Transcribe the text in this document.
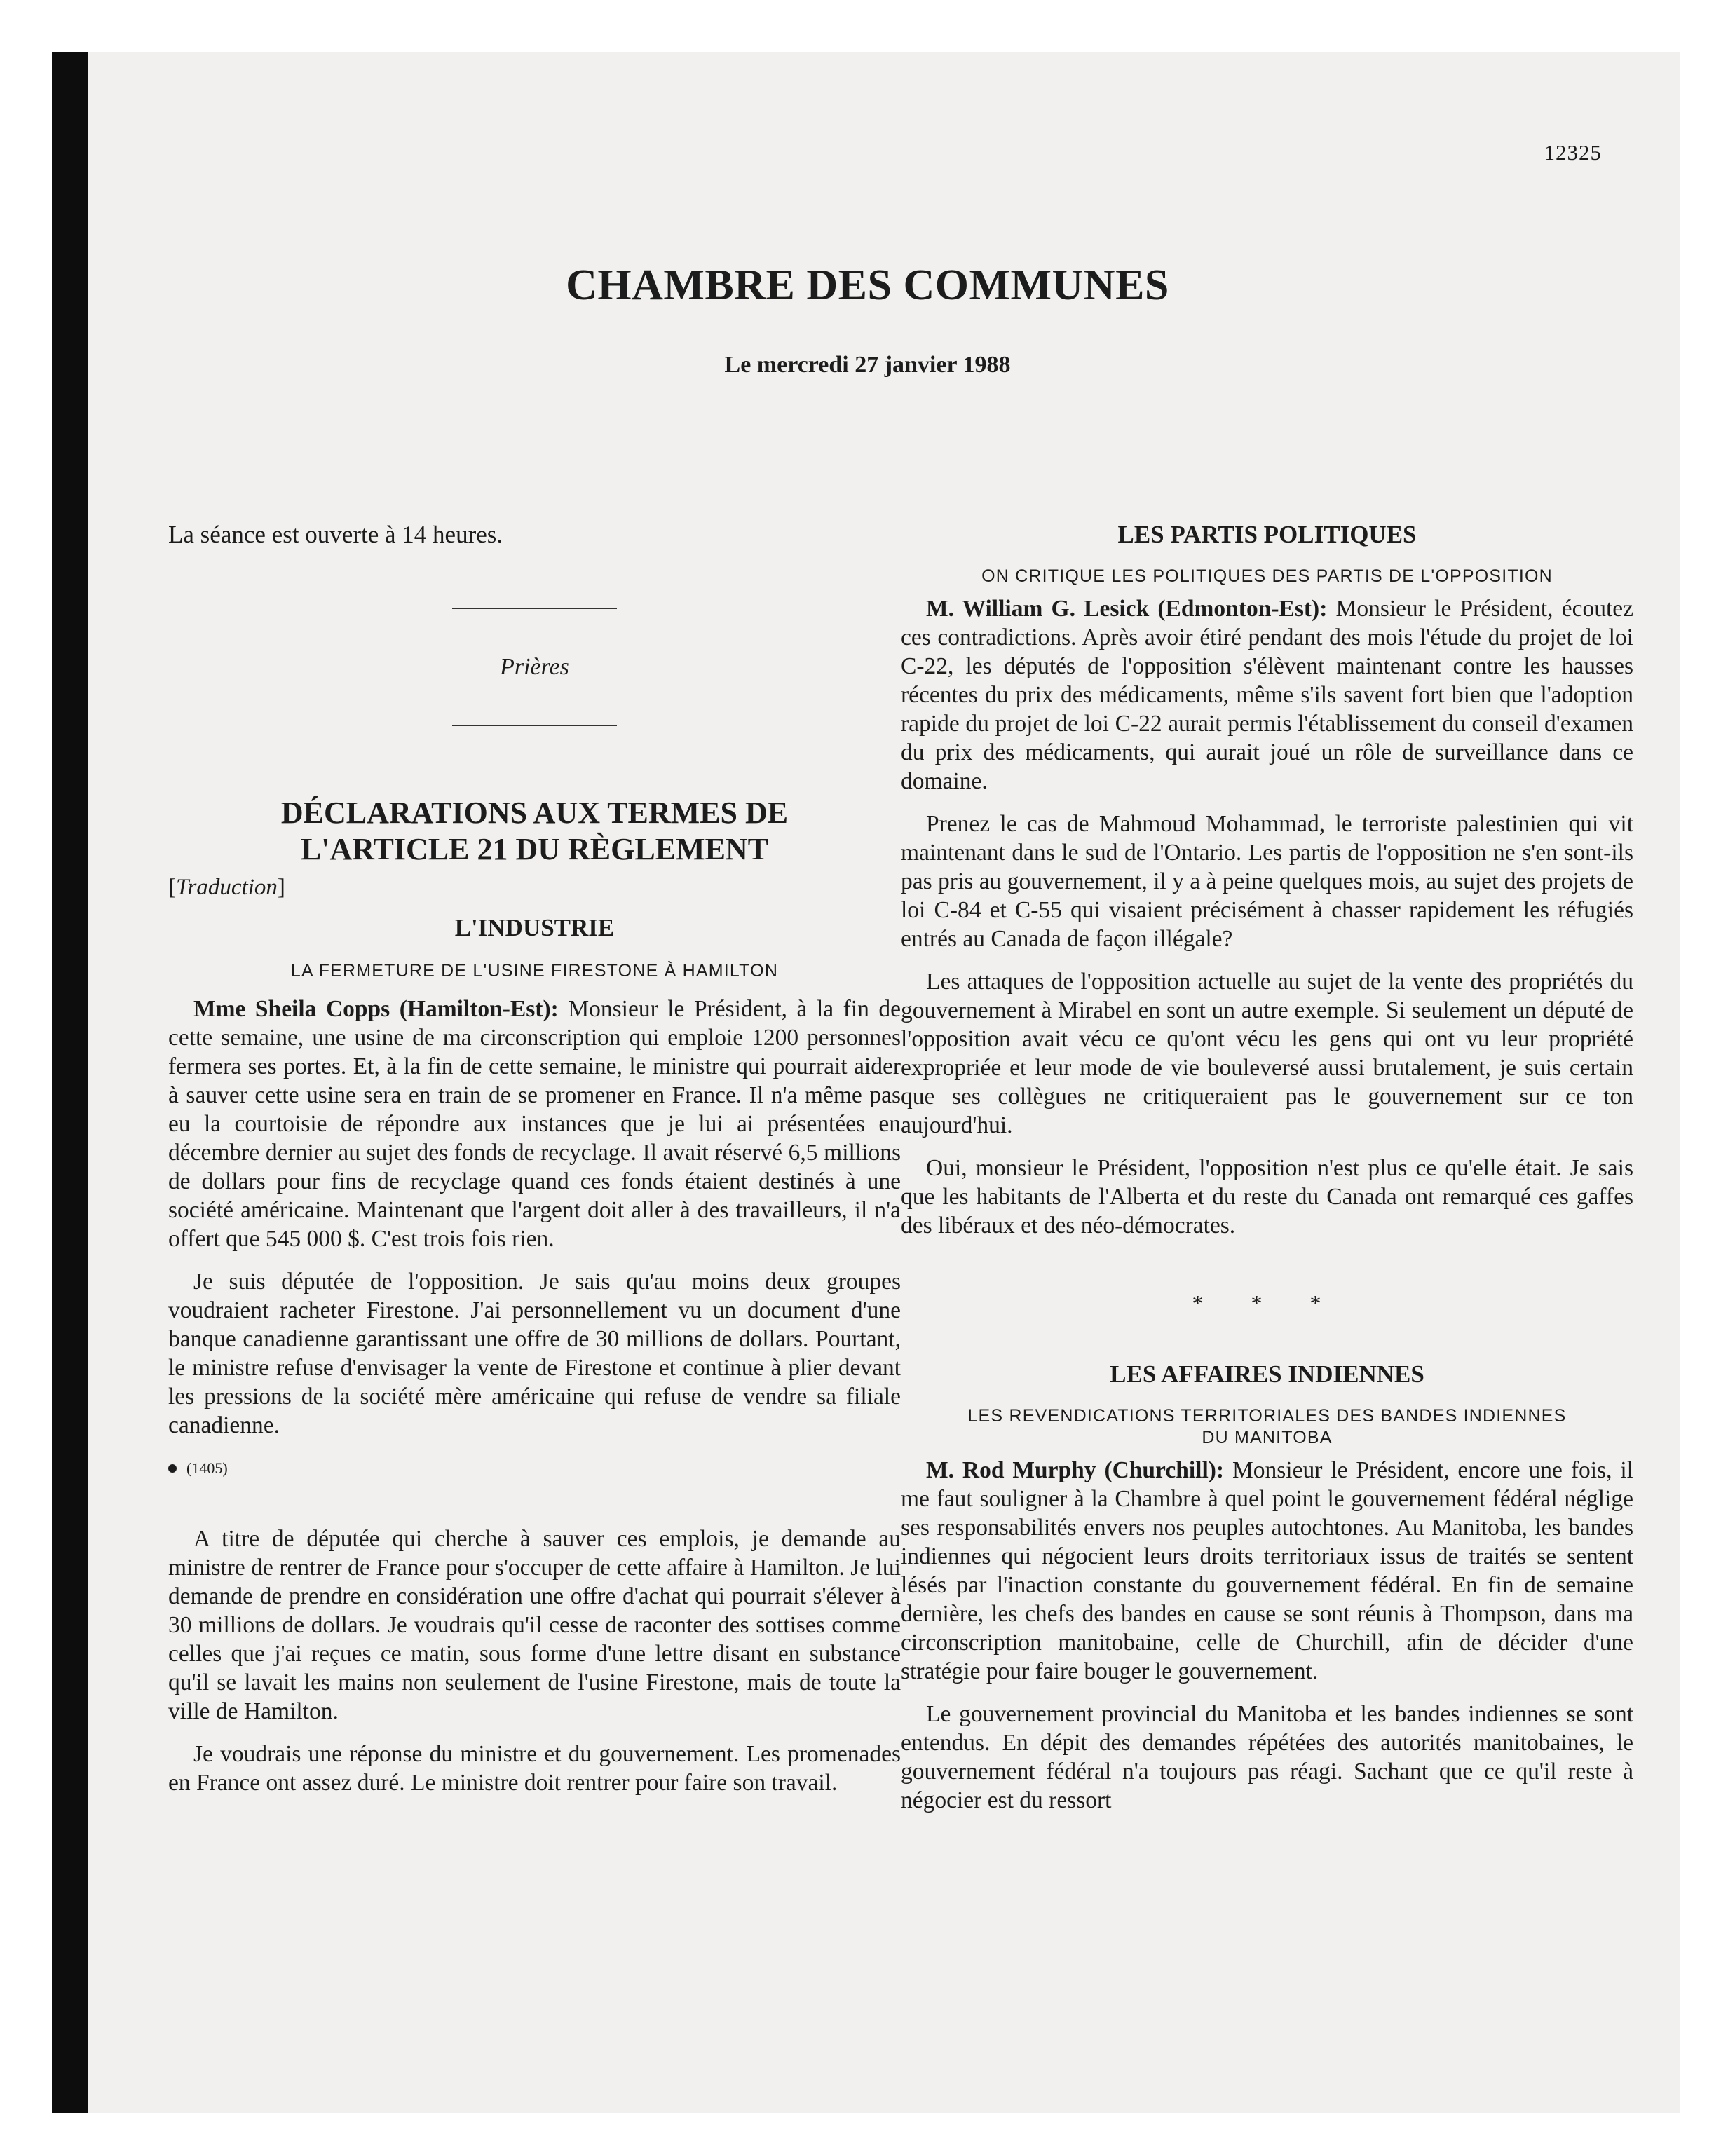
12325
CHAMBRE DES COMMUNES
Le mercredi 27 janvier 1988

La séance est ouverte à 14 heures.

Prières

DÉCLARATIONS AUX TERMES DE

L'ARTICLE 21 DU RÈGLEMENT

[Traduction]

L'INDUSTRIE

LA FERMETURE DE L'USINE FIRESTONE À HAMILTON

Mme Sheila Copps (Hamilton-Est): Monsieur le Président, à la fin de cette semaine, une usine de ma circonscription qui emploie 1200 personnes fermera ses portes. Et, à la fin de cette semaine, le ministre qui pourrait aider à sauver cette usine sera en train de se promener en France. Il n'a même pas eu la courtoisie de répondre aux instances que je lui ai présentées en décembre dernier au sujet des fonds de recyclage. Il avait réservé 6,5 millions de dollars pour fins de recyclage quand ces fonds étaient destinés à une société américaine. Maintenant que l'argent doit aller à des travailleurs, il n'a offert que 545 000 $. C'est trois fois rien.

Je suis députée de l'opposition. Je sais qu'au moins deux groupes voudraient racheter Firestone. J'ai personnellement vu un document d'une banque canadienne garantissant une offre de 30 millions de dollars. Pourtant, le ministre refuse d'envisager la vente de Firestone et continue à plier devant les pressions de la société mère américaine qui refuse de vendre sa filiale canadienne.

(1405)

A titre de députée qui cherche à sauver ces emplois, je demande au ministre de rentrer de France pour s'occuper de cette affaire à Hamilton. Je lui demande de prendre en considération une offre d'achat qui pourrait s'élever à 30 millions de dollars. Je voudrais qu'il cesse de raconter des sottises comme celles que j'ai reçues ce matin, sous forme d'une lettre disant en substance qu'il se lavait les mains non seulement de l'usine Firestone, mais de toute la ville de Hamilton.

Je voudrais une réponse du ministre et du gouvernement. Les promenades en France ont assez duré. Le ministre doit rentrer pour faire son travail.

LES PARTIS POLITIQUES

ON CRITIQUE LES POLITIQUES DES PARTIS DE L'OPPOSITION

M. William G. Lesick (Edmonton-Est): Monsieur le Président, écoutez ces contradictions. Après avoir étiré pendant des mois l'étude du projet de loi C-22, les députés de l'opposition s'élèvent maintenant contre les hausses récentes du prix des médicaments, même s'ils savent fort bien que l'adoption rapide du projet de loi C-22 aurait permis l'établissement du conseil d'examen du prix des médicaments, qui aurait joué un rôle de surveillance dans ce domaine.

Prenez le cas de Mahmoud Mohammad, le terroriste palestinien qui vit maintenant dans le sud de l'Ontario. Les partis de l'opposition ne s'en sont-ils pas pris au gouvernement, il y a à peine quelques mois, au sujet des projets de loi C-84 et C-55 qui visaient précisément à chasser rapidement les réfugiés entrés au Canada de façon illégale?

Les attaques de l'opposition actuelle au sujet de la vente des propriétés du gouvernement à Mirabel en sont un autre exemple. Si seulement un député de l'opposition avait vécu ce qu'ont vécu les gens qui ont vu leur propriété expropriée et leur mode de vie bouleversé aussi brutalement, je suis certain que ses collègues ne critiqueraient pas le gouvernement sur ce ton aujourd'hui.

Oui, monsieur le Président, l'opposition n'est plus ce qu'elle était. Je sais que les habitants de l'Alberta et du reste du Canada ont remarqué ces gaffes des libéraux et des néo-démocrates.

* * *

LES AFFAIRES INDIENNES

LES REVENDICATIONS TERRITORIALES DES BANDES INDIENNES

DU MANITOBA

M. Rod Murphy (Churchill): Monsieur le Président, encore une fois, il me faut souligner à la Chambre à quel point le gouvernement fédéral néglige ses responsabilités envers nos peuples autochtones. Au Manitoba, les bandes indiennes qui négocient leurs droits territoriaux issus de traités se sentent lésés par l'inaction constante du gouvernement fédéral. En fin de semaine dernière, les chefs des bandes en cause se sont réunis à Thompson, dans ma circonscription manitobaine, celle de Churchill, afin de décider d'une stratégie pour faire bouger le gouvernement.

Le gouvernement provincial du Manitoba et les bandes indiennes se sont entendus. En dépit des demandes répétées des autorités manitobaines, le gouvernement fédéral n'a toujours pas réagi. Sachant que ce qu'il reste à négocier est du ressort
